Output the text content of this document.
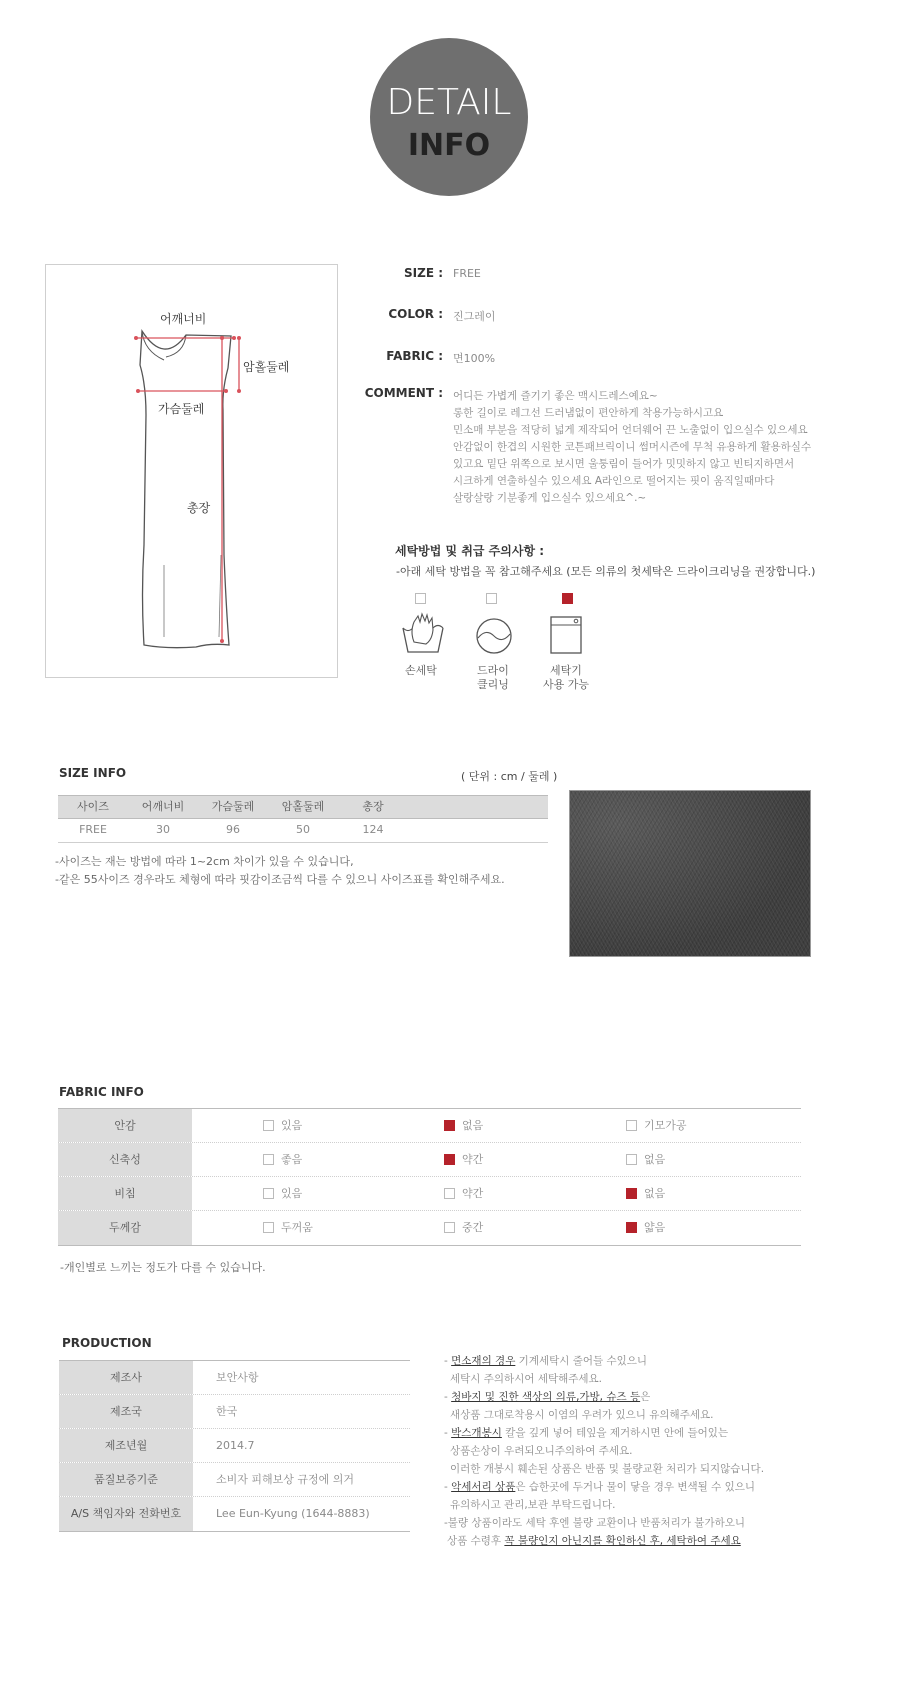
DETAIL
INFO
어깨너비
암홀둘레
가슴둘레
총장
SIZE : FREE
COLOR : 진그레이
FABRIC : 면100%
COMMENT : 어디든 가볍게 즐기기 좋은 맥시드레스예요~
롱한 길이로 레그선 드러냄없이 편안하게 착용가능하시고요
민소매 부분을 적당히 넓게 제작되어 언더웨어 끈 노출없이 입으실수 있으세요
안감없이 한겹의 시원한 코튼패브릭이니 썸머시즌에 무척 유용하게 활용하실수
있고요 밑단 위쪽으로 보시면 울퉁림이 들어가 밋밋하지 않고 빈티지하면서
시크하게 연출하실수 있으세요 A라인으로 떨어지는 핏이 움직일때마다
살랑살랑 기분좋게 입으실수 있으세요^.~
세탁방법 및 취급 주의사항 :
-아래 세탁 방법을 꼭 참고해주세요 (모든 의류의 첫세탁은 드라이크리닝을 권장합니다.)
손세탁	드라이
클리닝
세탁기
사용 가능
SIZE INFO	( 단위 : cm / 둘레 )
사이즈	어깨너비	가슴둘레	암홀둘레	총장
FREE	30	96	50	124
-사이즈는 재는 방법에 따라 1~2cm 차이가 있을 수 있습니다,
-같은 55사이즈 경우라도 체형에 따라 핏감이조금씩 다를 수 있으니 사이즈표를 확인해주세요.
FABRIC INFO
안감	있음	없음	기모가공
신축성	좋음	약간	없음
비침	있음	약간	없음
두께감	두꺼움	중간	얇음
-개인별로 느끼는 정도가 다를 수 있습니다.
PRODUCTION
제조사	보안사항
제조국	한국
제조년월	2014.7
품질보증기준	소비자 피해보상 규정에 의거
A/S 책임자와 전화번호	Lee Eun-Kyung (1644-8883)
- 면소재의 경우 기계세탁시 줄어들 수있으니
세탁시 주의하시어 세탁해주세요.
- 청바지 및 진한 색상의 의류,가방, 슈즈 등은
새상품 그대로착용시 이염의 우려가 있으니 유의해주세요.
- 박스개봉시 칼을 깊게 넣어 테잎을 제거하시면 안에 들어있는
상품손상이 우려되오니주의하여 주세요.
이러한 개봉시 훼손된 상품은 반품 및 불량교환 처리가 되지않습니다.
- 악세서리 상품은 습한곳에 두거나 물이 닿을 경우 변색될 수 있으니
유의하시고 관리,보관 부탁드립니다.
-불량 상품이라도 세탁 후엔 불량 교환이나 반품처리가 불가하오니
상품 수령후 꼭 불량인지 아닌지를 확인하신 후, 세탁하여 주세요
